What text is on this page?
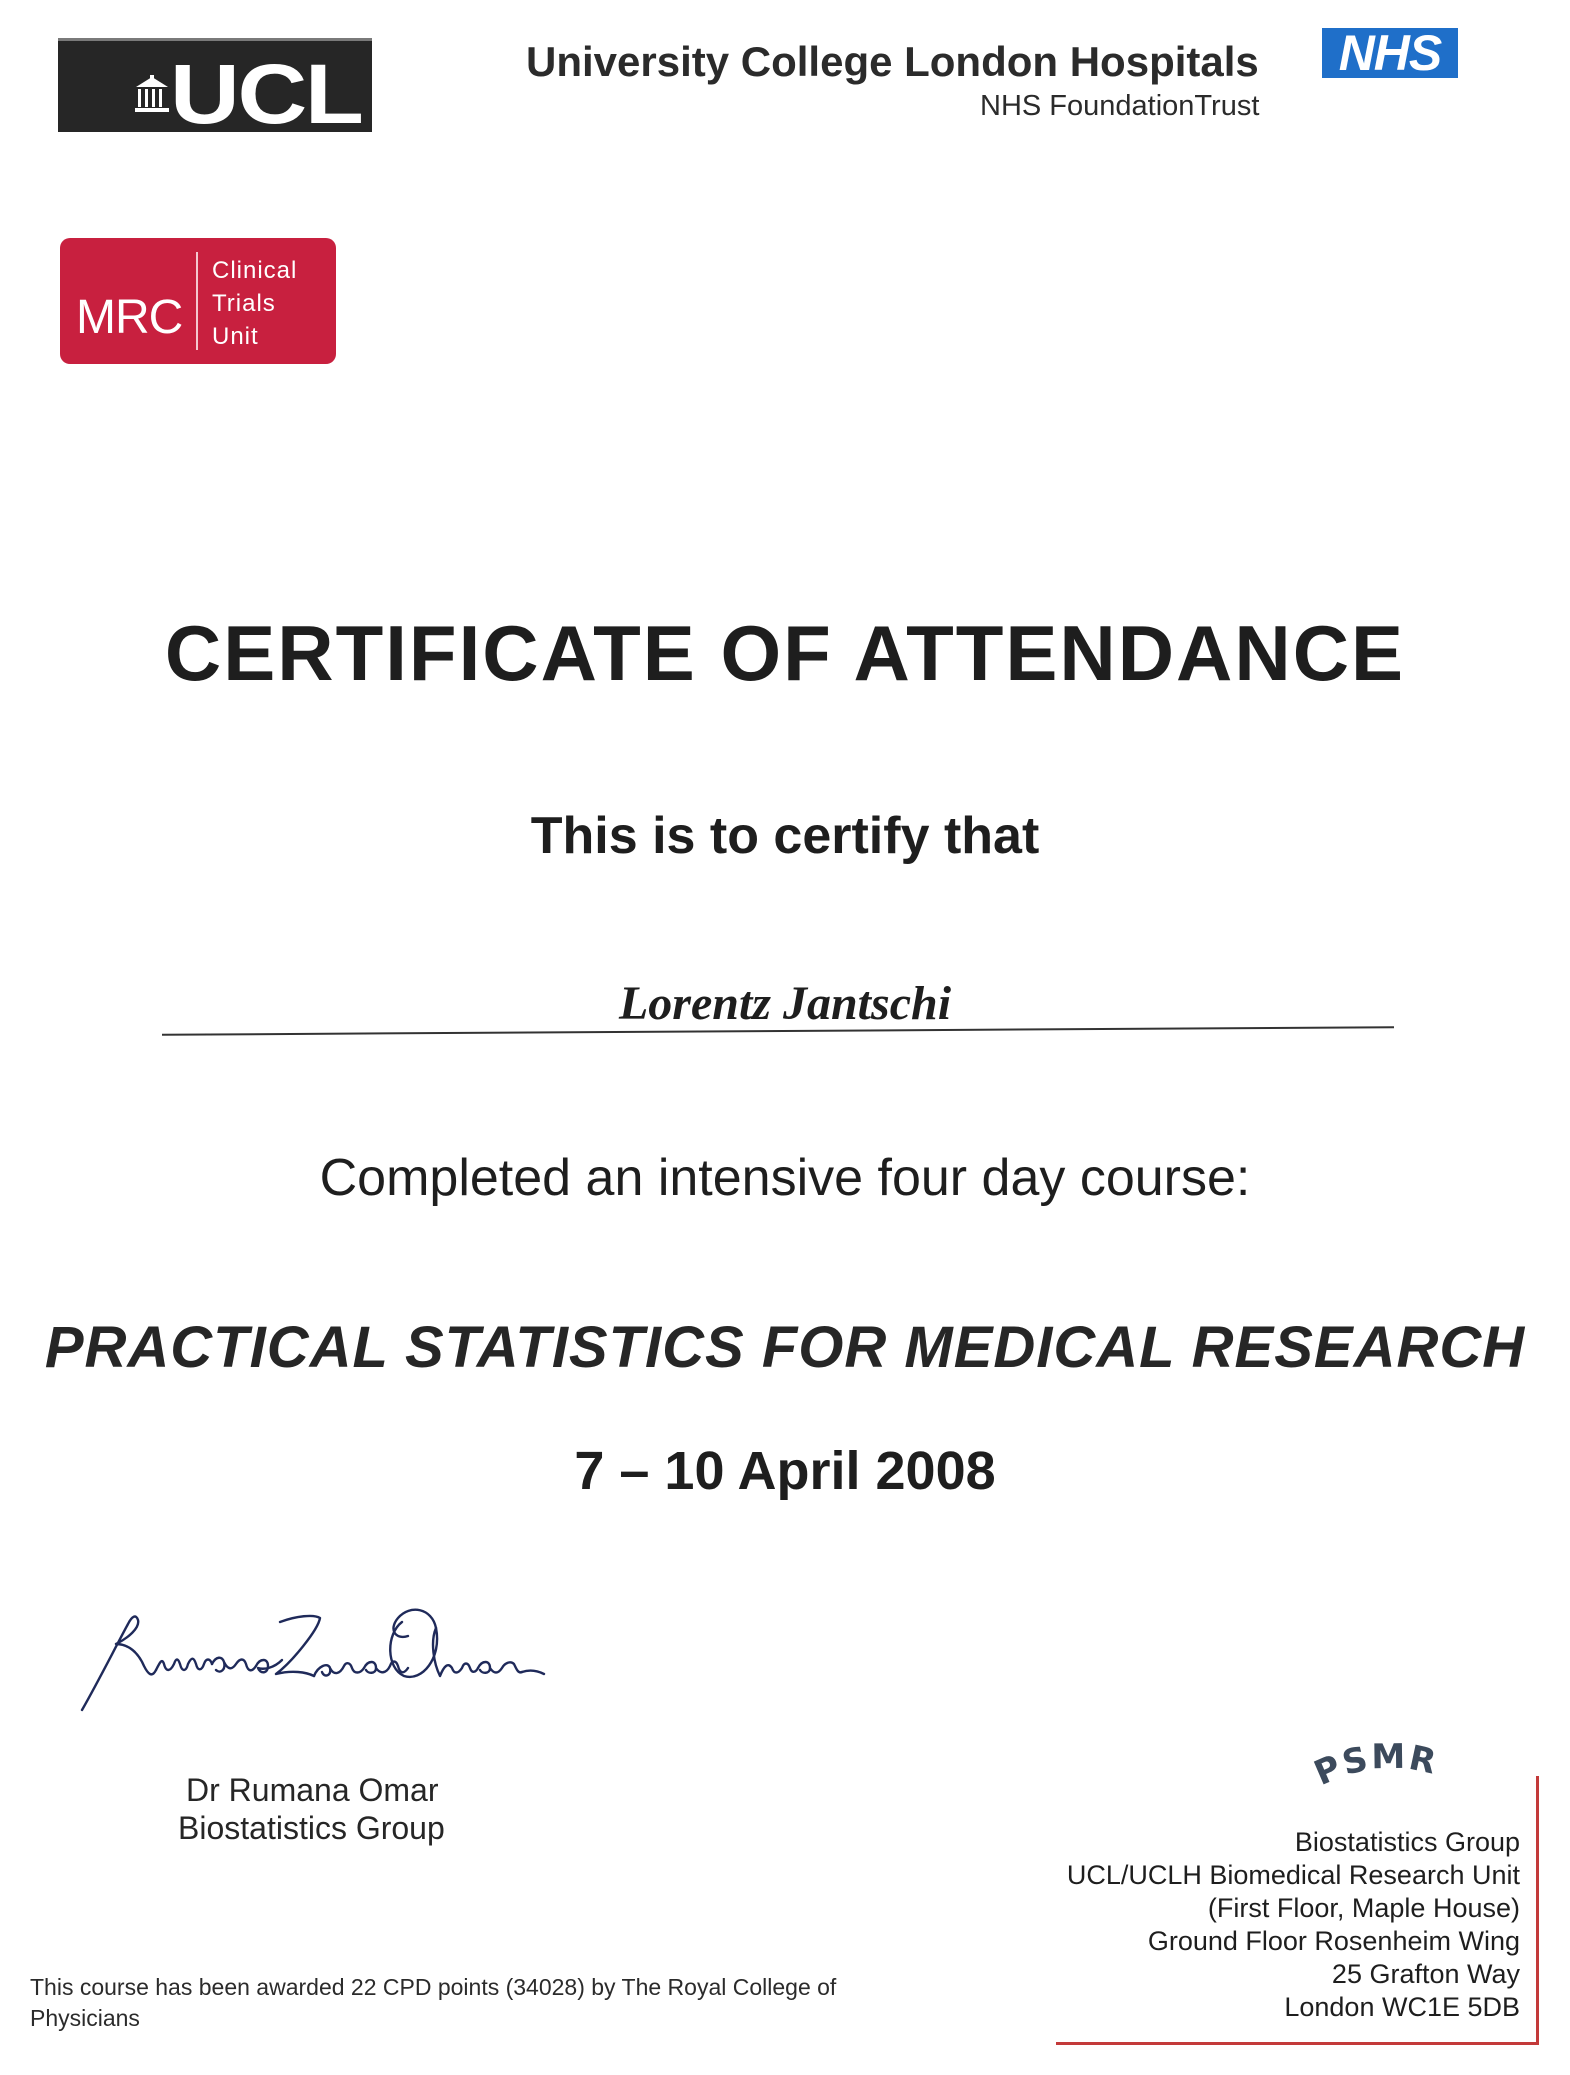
UCL	University College London Hospitals
NHS FoundationTrust
NHS
MRC
Clinical
Trials
Unit
CERTIFICATE OF ATTENDANCE
This is to certify that
Lorentz Jantschi
Completed an intensive four day course:
PRACTICAL STATISTICS FOR MEDICAL RESEARCH
7 – 10 April 2008
Dr Rumana Omar
Biostatistics Group
This course has been awarded 22 CPD points (34028) by The Royal College of Physicians
PSMR
Biostatistics Group
UCL/UCLH Biomedical Research Unit
(First Floor, Maple House)
Ground Floor Rosenheim Wing
25 Grafton Way
London WC1E 5DB
